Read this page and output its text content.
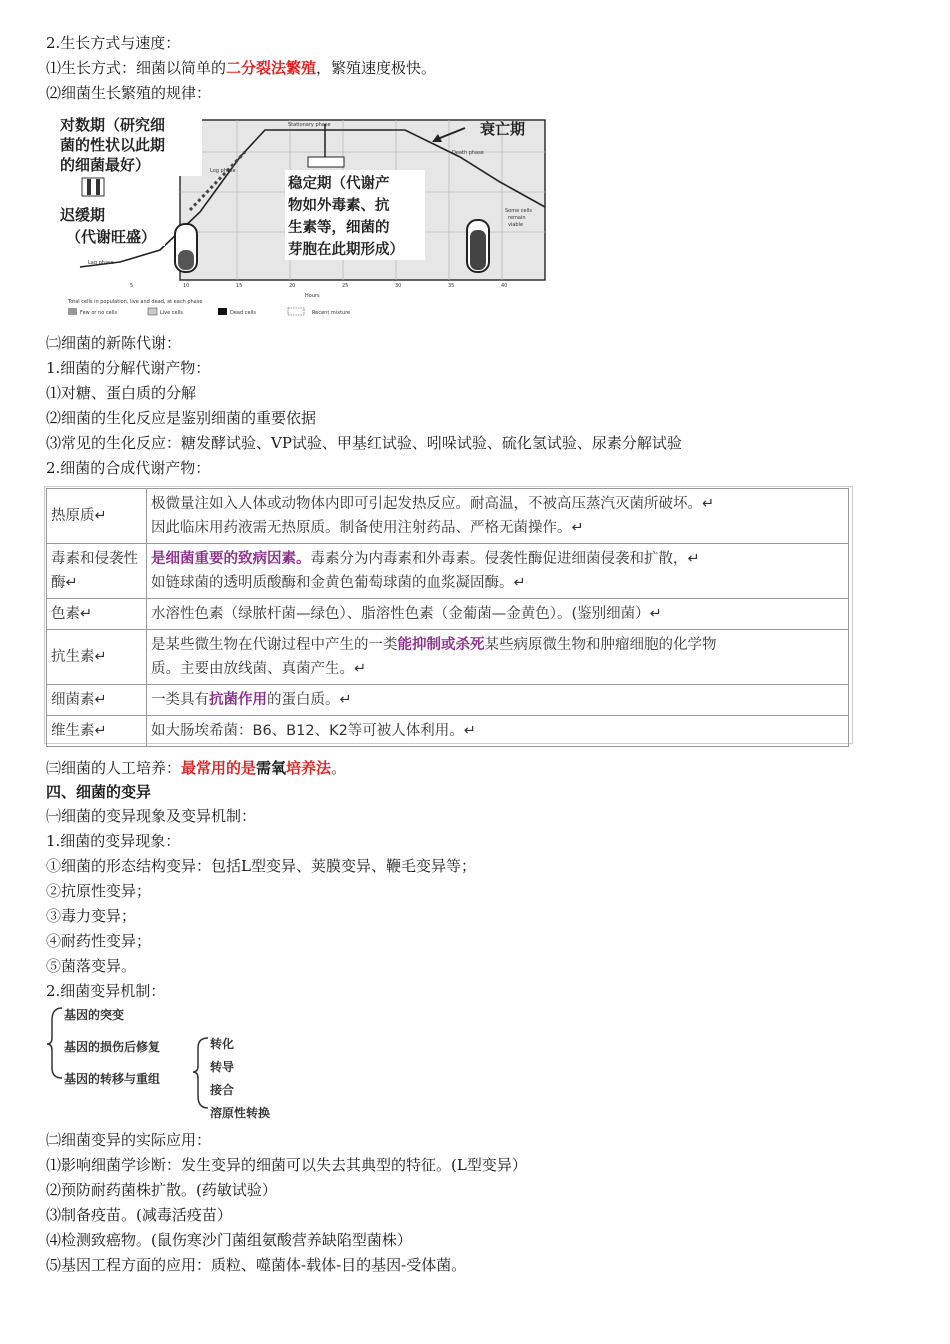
2.生长方式与速度：
⑴生长方式：细菌以简单的二分裂法繁殖，繁殖速度极快。
⑵细菌生长繁殖的规律：
对数期（研究细 菌的性状以此期 的细菌最好）
迟缓期 （代谢旺盛）
稳定期（代谢产 物如外毒素、抗 生素等，细菌的 芽胞在此期形成）
衰亡期
Stationary phase Log phase Death phase Lag phase Some cells remain viable
5	10	15	20	25	30	35	40 Hours Total cells in population, live and dead, at each phase
Few or no cells	Live cells	Dead cells	Recent mixture
㈡细菌的新陈代谢：
1.细菌的分解代谢产物：
⑴对糖、蛋白质的分解
⑵细菌的生化反应是鉴别细菌的重要依据
⑶常见的生化反应：糖发酵试验、VP试验、甲基红试验、吲哚试验、硫化氢试验、尿素分解试验
2.细菌的合成代谢产物：
热原质↵	极微量注如入人体或动物体内即可引起发热反应。耐高温，不被高压蒸汽灭菌所破坏。↵
因此临床用药液需无热原质。制备使用注射药品、严格无菌操作。↵

毒素和侵袭性酶↵	是细菌重要的致病因素。毒素分为内毒素和外毒素。侵袭性酶促进细菌侵袭和扩散，↵
如链球菌的透明质酸酶和金黄色葡萄球菌的血浆凝固酶。↵

色素↵	水溶性色素（绿脓杆菌—绿色）、脂溶性色素（金葡菌—金黄色）。(鉴别细菌）↵
抗生素↵	是某些微生物在代谢过程中产生的一类能抑制或杀死某些病原微生物和肿瘤细胞的化学物
质。主要由放线菌、真菌产生。↵

细菌素↵	一类具有抗菌作用的蛋白质。↵
维生素↵	如大肠埃希菌：B6、B12、K2等可被人体利用。↵
㈢细菌的人工培养：最常用的是需氧培养法。
四、细菌的变异
㈠细菌的变异现象及变异机制：
1.细菌的变异现象：
①细菌的形态结构变异：包括L型变异、荚膜变异、鞭毛变异等；
②抗原性变异；
③毒力变异；
④耐药性变异；
⑤菌落变异。
2.细菌变异机制：
基因的突变
基因的损伤后修复
基因的转移与重组
转化
转导
接合
溶原性转换
㈡细菌变异的实际应用：
⑴影响细菌学诊断：发生变异的细菌可以失去其典型的特征。(L型变异）
⑵预防耐药菌株扩散。(药敏试验）
⑶制备疫苗。(减毒活疫苗）
⑷检测致癌物。(鼠伤寒沙门菌组氨酸营养缺陷型菌株）
⑸基因工程方面的应用：质粒、噬菌体-载体-目的基因-受体菌。
